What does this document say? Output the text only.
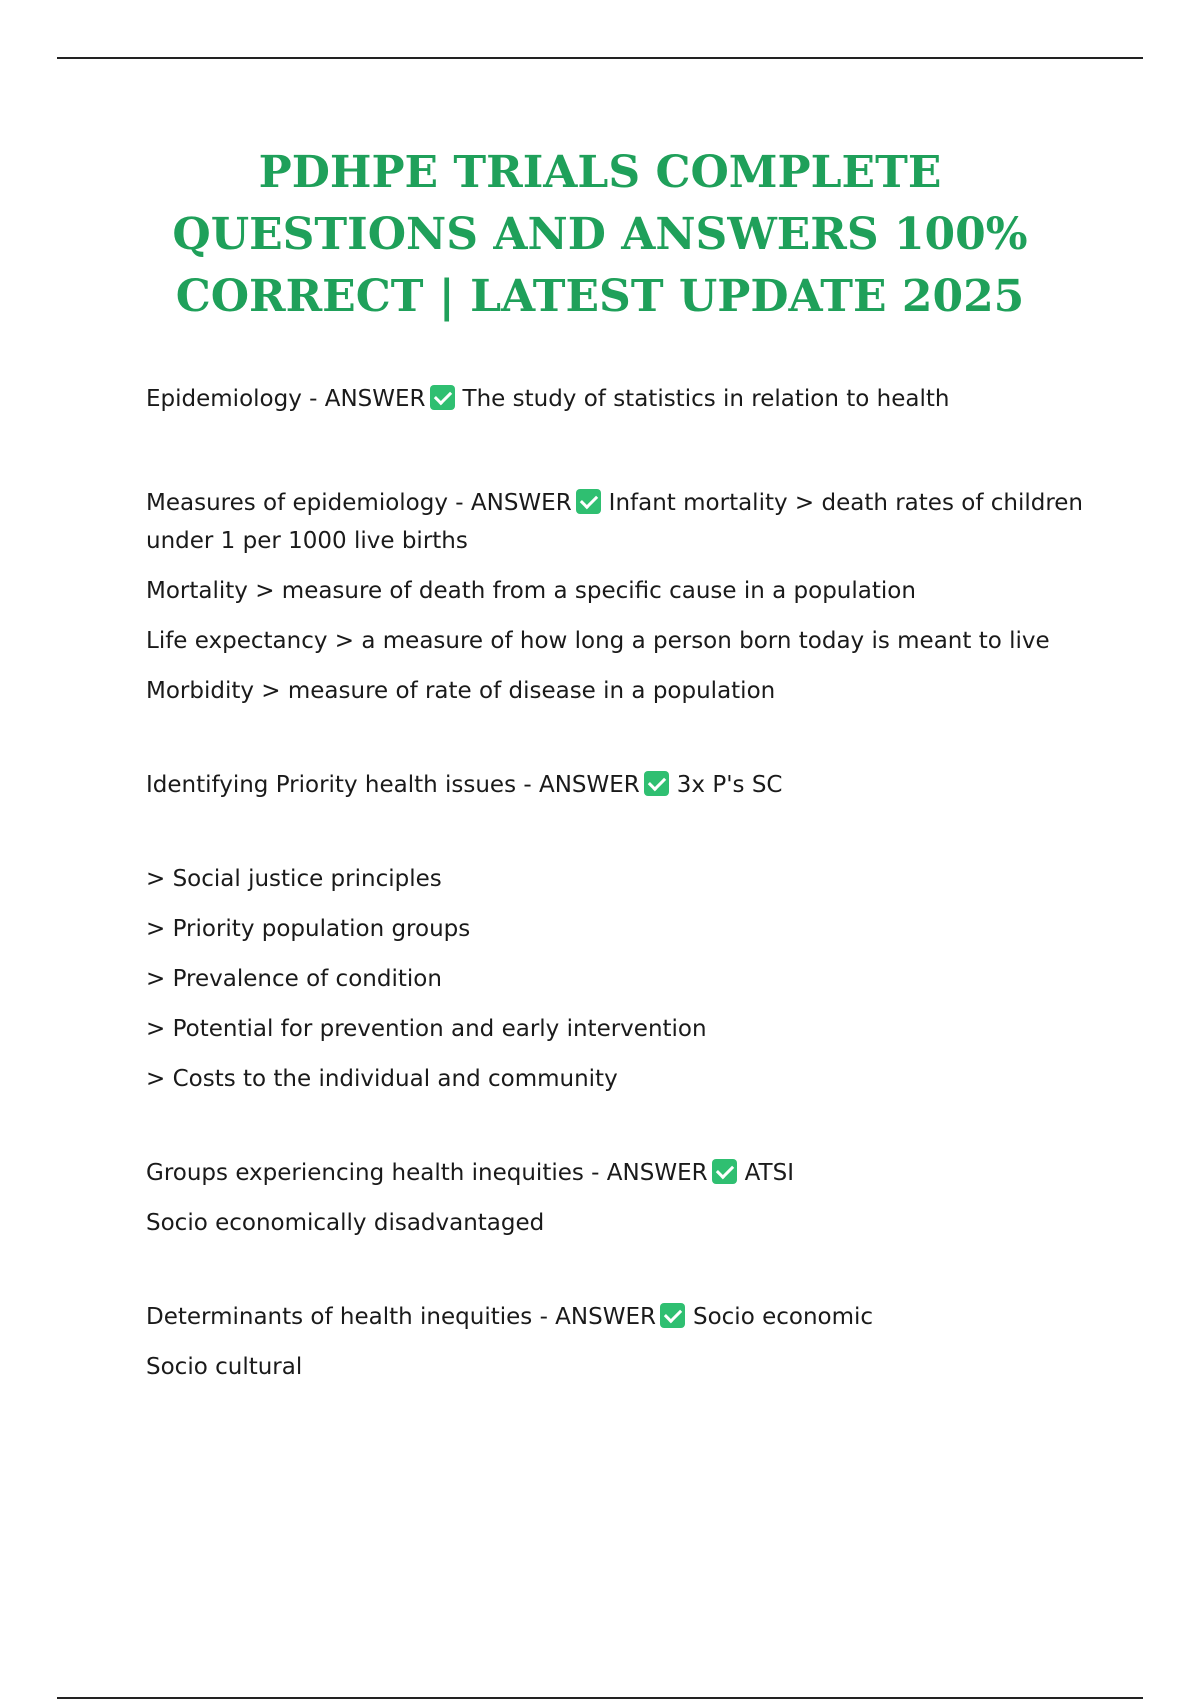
PDHPE TRIALS COMPLETE QUESTIONS AND ANSWERS 100% CORRECT | LATEST UPDATE 2025

Epidemiology - ANSWER The study of statistics in relation to health

Measures of epidemiology - ANSWER Infant mortality > death rates of children under 1 per 1000 live births

Mortality > measure of death from a specific cause in a population

Life expectancy > a measure of how long a person born today is meant to live

Morbidity > measure of rate of disease in a population

Identifying Priority health issues - ANSWER 3x P's SC

> Social justice principles

> Priority population groups

> Prevalence of condition

> Potential for prevention and early intervention

> Costs to the individual and community

Groups experiencing health inequities - ANSWER ATSI

Socio economically disadvantaged

Determinants of health inequities - ANSWER Socio economic

Socio cultural
